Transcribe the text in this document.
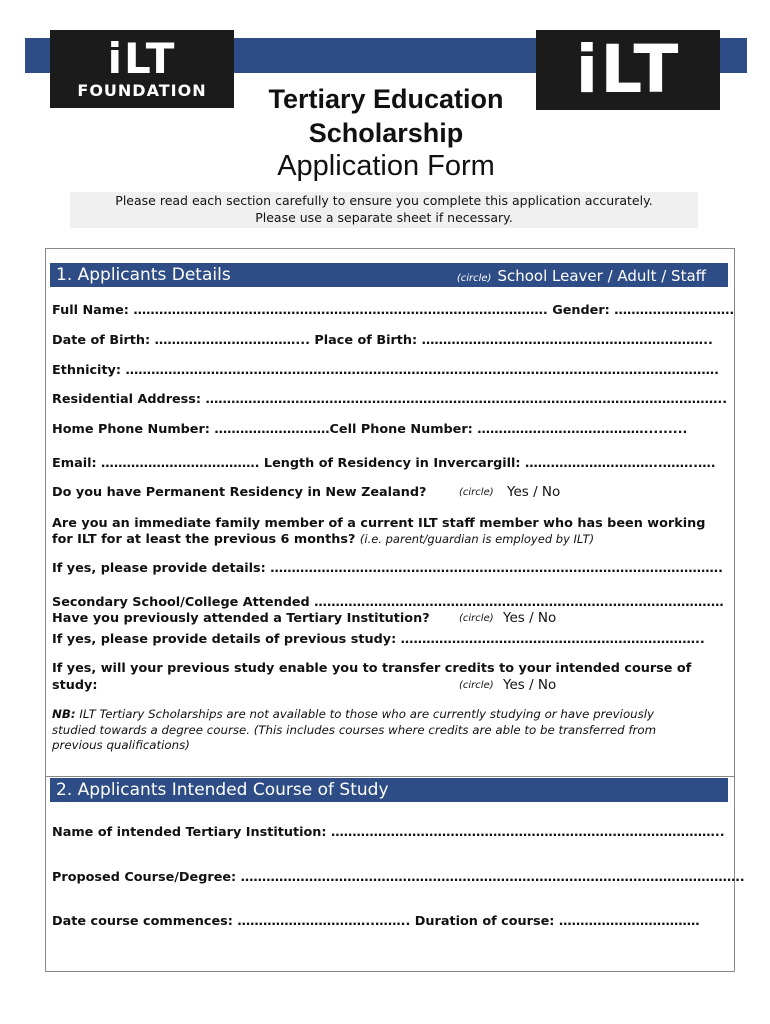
iLT
FOUNDATION	iLT
Tertiary Education
Scholarship
Application Form
Please read each section carefully to ensure you complete this application accurately.
Please use a separate sheet if necessary.
1. Applicants Details	(circle) School Leaver / Adult / Staff
Full Name: ……………………………………………………………………………………. Gender: ……………………….
Date of Birth: ……………………………... Place of Birth: …………………………………………………………..
Ethnicity: ………………………………………………………………………………………………………………………….
Residential Address: …………………………………………………………………………………………………………..
Home Phone Number: ………………………Cell Phone Number: ………………………………….........
Email: ………………………………. Length of Residency in Invercargill: …………………………..……..….
Do you have Permanent Residency in New Zealand?	(circle) Yes / No
Are you an immediate family member of a current ILT staff member who has been working
for ILT for at least the previous 6 months? (i.e. parent/guardian is employed by ILT)
If yes, please provide details: …………………………………………………………………………………………….
Secondary School/College Attended ……………………………………………………………………………………
Have you previously attended a Tertiary Institution?	(circle) Yes / No
If yes, please provide details of previous study: ……………………………………………………………..
If yes, will your previous study enable you to transfer credits to your intended course of
study:	(circle) Yes / No
NB: ILT Tertiary Scholarships are not available to those who are currently studying or have previously
studied towards a degree course. (This includes courses where credits are able to be transferred from
previous qualifications)
2. Applicants Intended Course of Study
Name of intended Tertiary Institution: ………………………………………………………………………………..
Proposed Course/Degree: ……………………………………………………………………………………………………….
Date course commences: …………………………..…….. Duration of course: ……………………………
